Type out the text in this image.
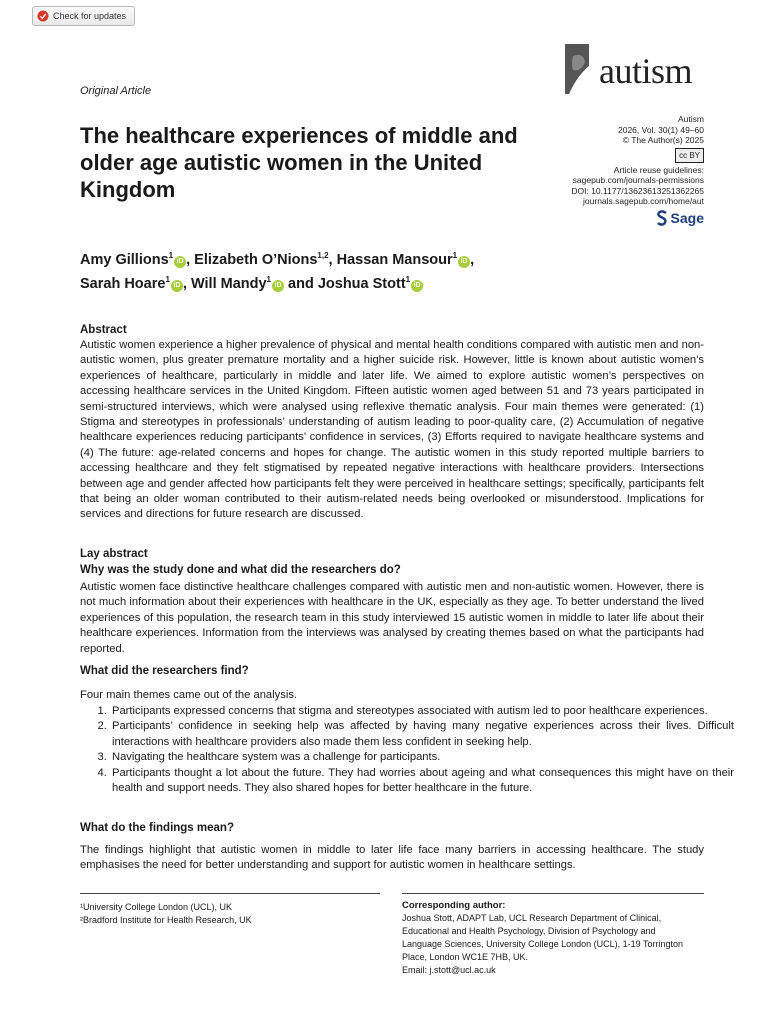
Check for updates
Original Article	autism
The healthcare experiences of middle and older age autistic women in the United Kingdom
Autism
2026, Vol. 30(1) 49–60
© The Author(s) 2025
cc BY
Article reuse guidelines:
sagepub.com/journals-permissions
DOI: 10.1177/13623613251362265
journals.sagepub.com/home/aut
Sage
Amy Gillions$^1$iD , Elizabeth O’Nions$^{1,2}$, Hassan Mansour$^1$iD ,
Sarah Hoare$^1$iD , Will Mandy$^1$iD and Joshua Stott$^1$iD
Abstract
Autistic women experience a higher prevalence of physical and mental health conditions compared with autistic men and non-autistic women, plus greater premature mortality and a higher suicide risk. However, little is known about autistic women’s experiences of healthcare, particularly in middle and later life. We aimed to explore autistic women’s perspectives on accessing healthcare services in the United Kingdom. Fifteen autistic women aged between 51 and 73 years participated in semi-structured interviews, which were analysed using reflexive thematic analysis. Four main themes were generated: (1) Stigma and stereotypes in professionals’ understanding of autism leading to poor-quality care, (2) Accumulation of negative healthcare experiences reducing participants’ confidence in services, (3) Efforts required to navigate healthcare systems and (4) The future: age-related concerns and hopes for change. The autistic women in this study reported multiple barriers to accessing healthcare and they felt stigmatised by repeated negative interactions with healthcare providers. Intersections between age and gender affected how participants felt they were perceived in healthcare settings; specifically, participants felt that being an older woman contributed to their autism-related needs being overlooked or misunderstood. Implications for services and directions for future research are discussed.
Lay abstract
Why was the study done and what did the researchers do?
Autistic women face distinctive healthcare challenges compared with autistic men and non-autistic women. However, there is not much information about their experiences with healthcare in the UK, especially as they age. To better understand the lived experiences of this population, the research team in this study interviewed 15 autistic women in middle to later life about their healthcare experiences. Information from the interviews was analysed by creating themes based on what the participants had reported.
What did the researchers find?
Four main themes came out of the analysis.
1. Participants expressed concerns that stigma and stereotypes associated with autism led to poor healthcare experiences.
2. Participants’ confidence in seeking help was affected by having many negative experiences across their lives. Difficult interactions with healthcare providers also made them less confident in seeking help.
3. Navigating the healthcare system was a challenge for participants.
4. Participants thought a lot about the future. They had worries about ageing and what consequences this might have on their health and support needs. They also shared hopes for better healthcare in the future.
What do the findings mean?
The findings highlight that autistic women in middle to later life face many barriers in accessing healthcare. The study emphasises the need for better understanding and support for autistic women in healthcare settings.
¹University College London (UCL), UK
²Bradford Institute for Health Research, UK
Corresponding author:
Joshua Stott, ADAPT Lab, UCL Research Department of Clinical,
Educational and Health Psychology, Division of Psychology and
Language Sciences, University College London (UCL), 1-19 Torrington
Place, London WC1E 7HB, UK.
Email: j.stott@ucl.ac.uk
